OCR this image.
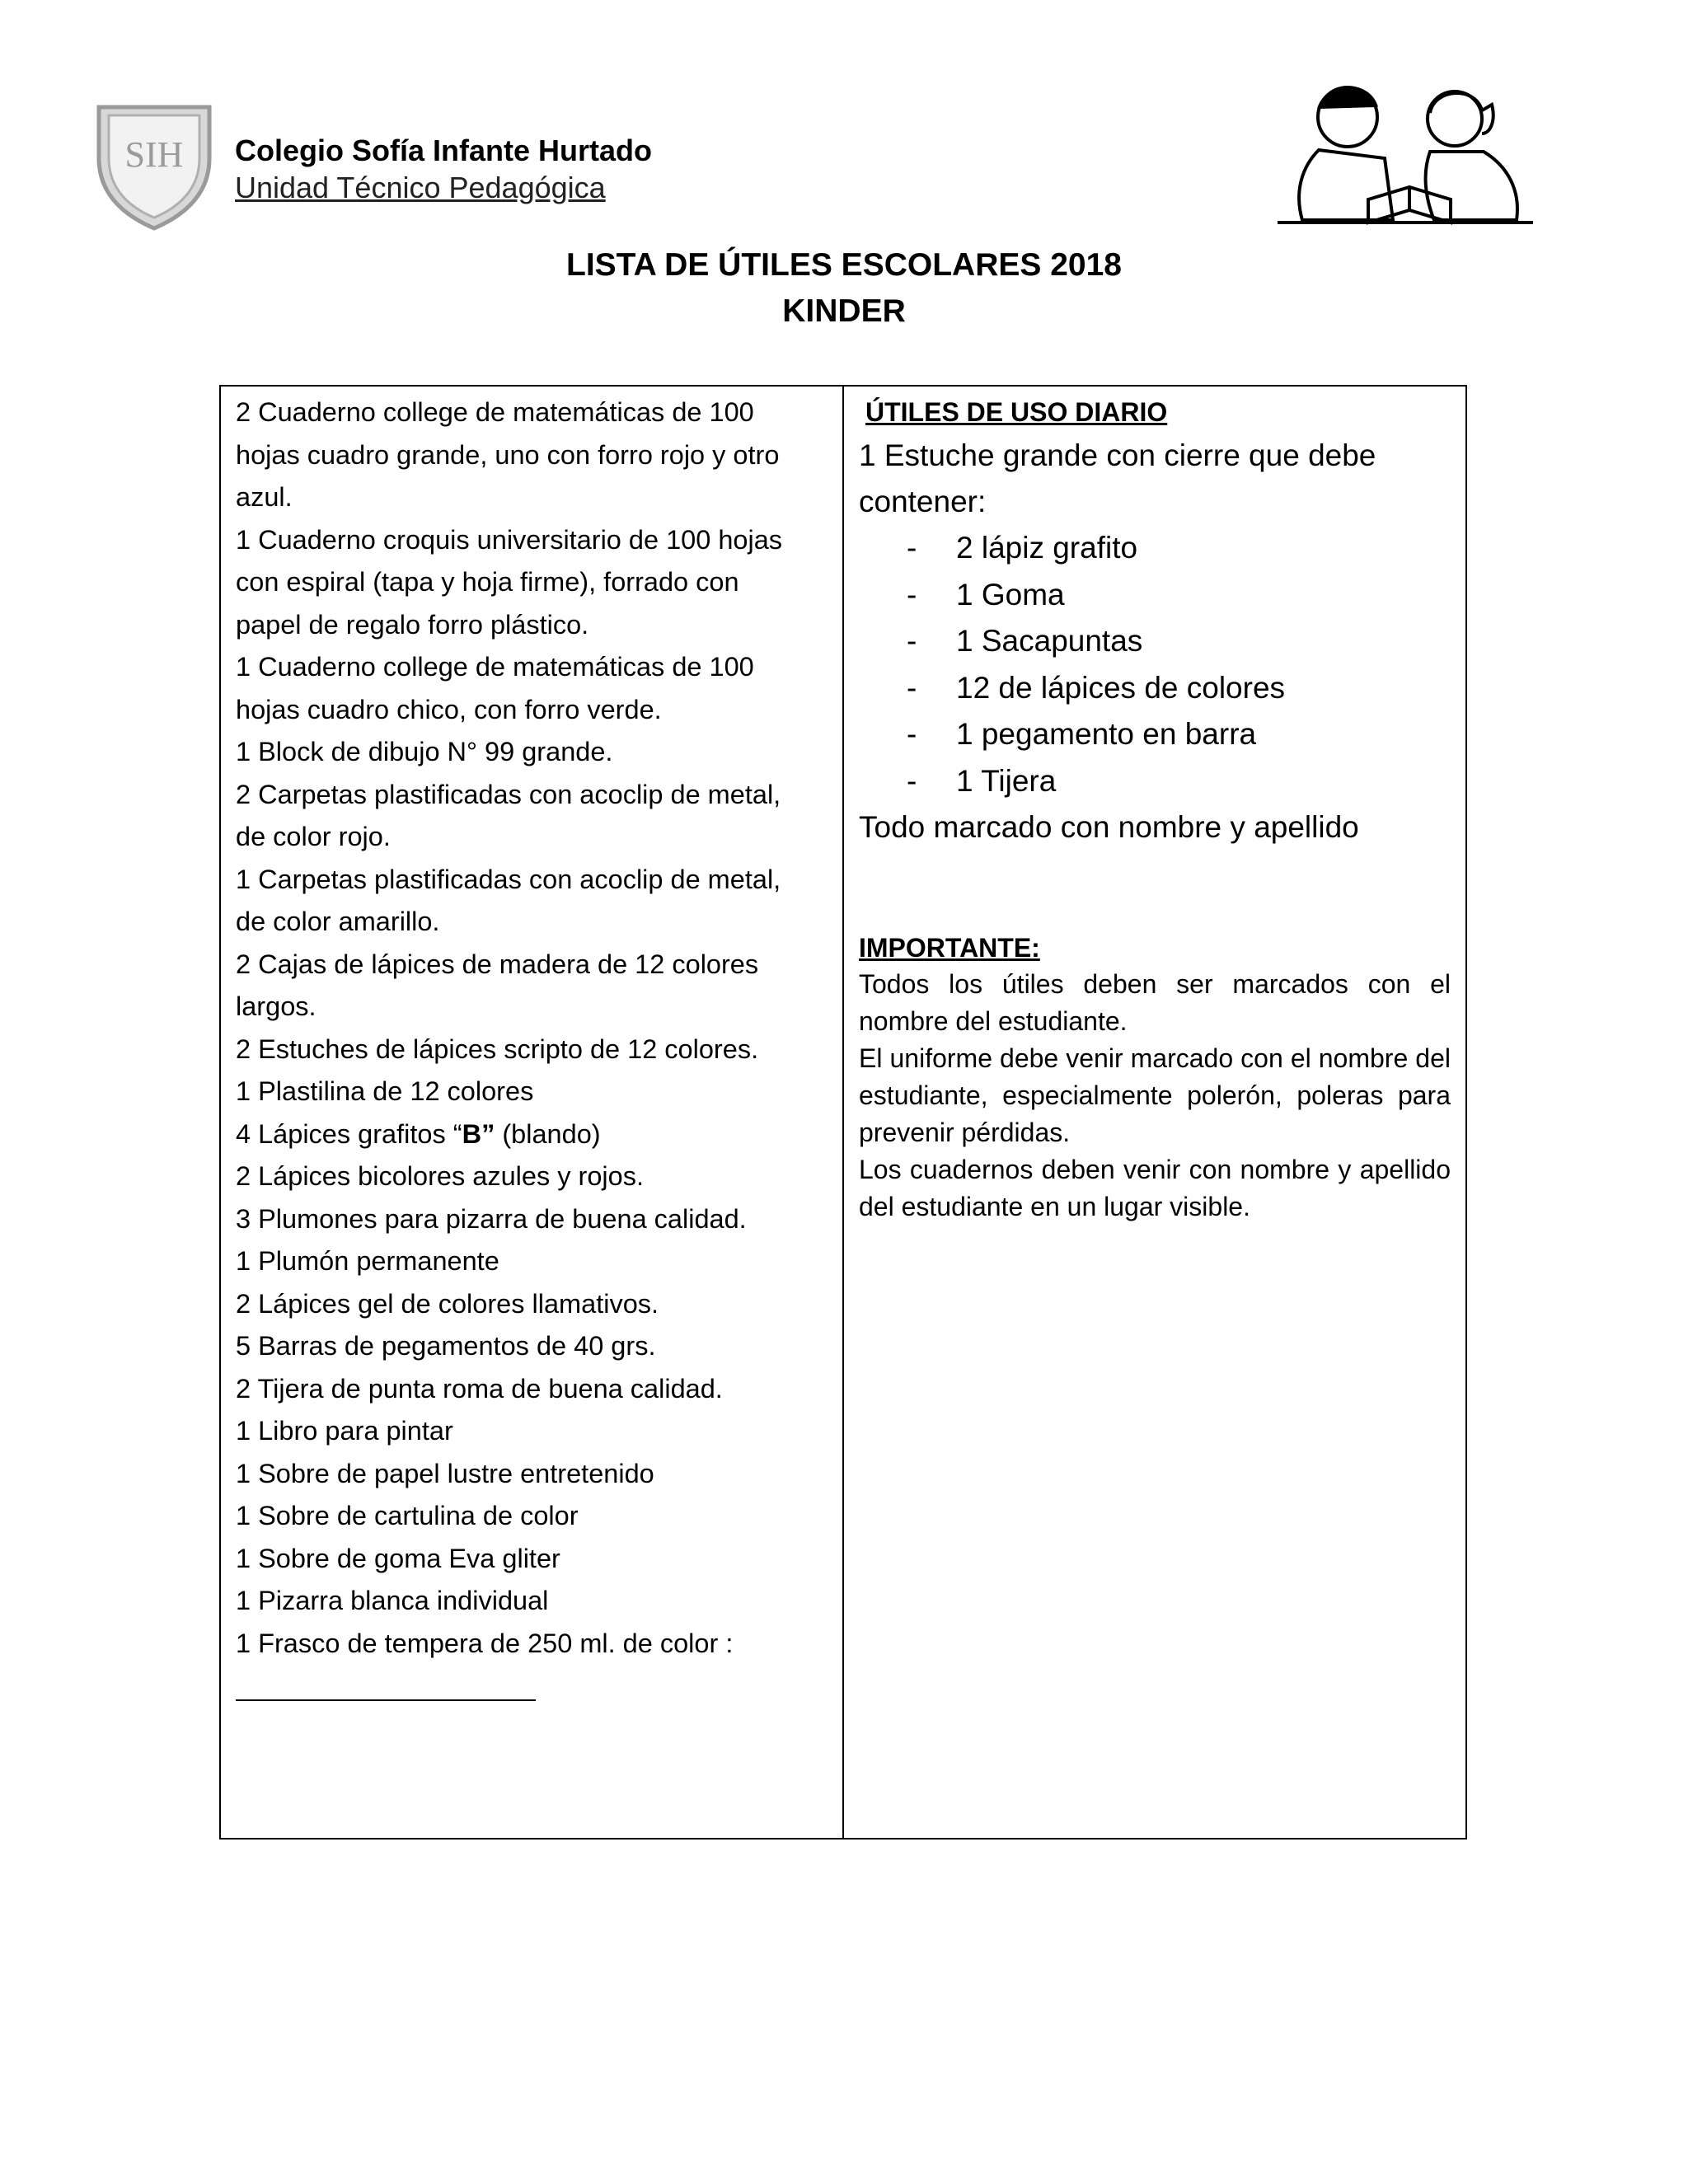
SIH Colegio Sofía Infante Hurtado
Unidad Técnico Pedagógica
LISTA DE ÚTILES ESCOLARES 2018
KINDER
2 Cuaderno college de matemáticas de 100
hojas cuadro grande, uno con forro rojo y otro
azul.
1 Cuaderno croquis universitario de 100 hojas
con espiral (tapa y hoja firme), forrado con
papel de regalo forro plástico.
1 Cuaderno college de matemáticas de 100
hojas cuadro chico, con forro verde.
1 Block de dibujo N° 99 grande.
2 Carpetas plastificadas con acoclip de metal,
de color rojo.
1 Carpetas plastificadas con acoclip de metal,
de color amarillo.
2 Cajas de lápices de madera de 12 colores
largos.
2 Estuches de lápices scripto de 12 colores.
1 Plastilina de 12 colores
4 Lápices grafitos “B” (blando)
2 Lápices bicolores azules y rojos.
3 Plumones para pizarra de buena calidad.
1 Plumón permanente
2 Lápices gel de colores llamativos.
5 Barras de pegamentos de 40 grs.
2 Tijera de punta roma de buena calidad.
1 Libro para pintar
1 Sobre de papel lustre entretenido
1 Sobre de cartulina de color
1 Sobre de goma Eva gliter
1 Pizarra blanca individual
1 Frasco de tempera de 250 ml. de color :
ÚTILES DE USO DIARIO
1 Estuche grande con cierre que debe contener:
-	2 lápiz grafito
-	1 Goma
-	1 Sacapuntas
-	12 de lápices de colores
-	1 pegamento en barra
-	1 Tijera
Todo marcado con nombre y apellido
IMPORTANTE:

Todos los útiles deben ser marcados con el nombre del estudiante.

El uniforme debe venir marcado con el nombre del estudiante, especialmente polerón, poleras para prevenir pérdidas.

Los cuadernos deben venir con nombre y apellido del estudiante en un lugar visible.
